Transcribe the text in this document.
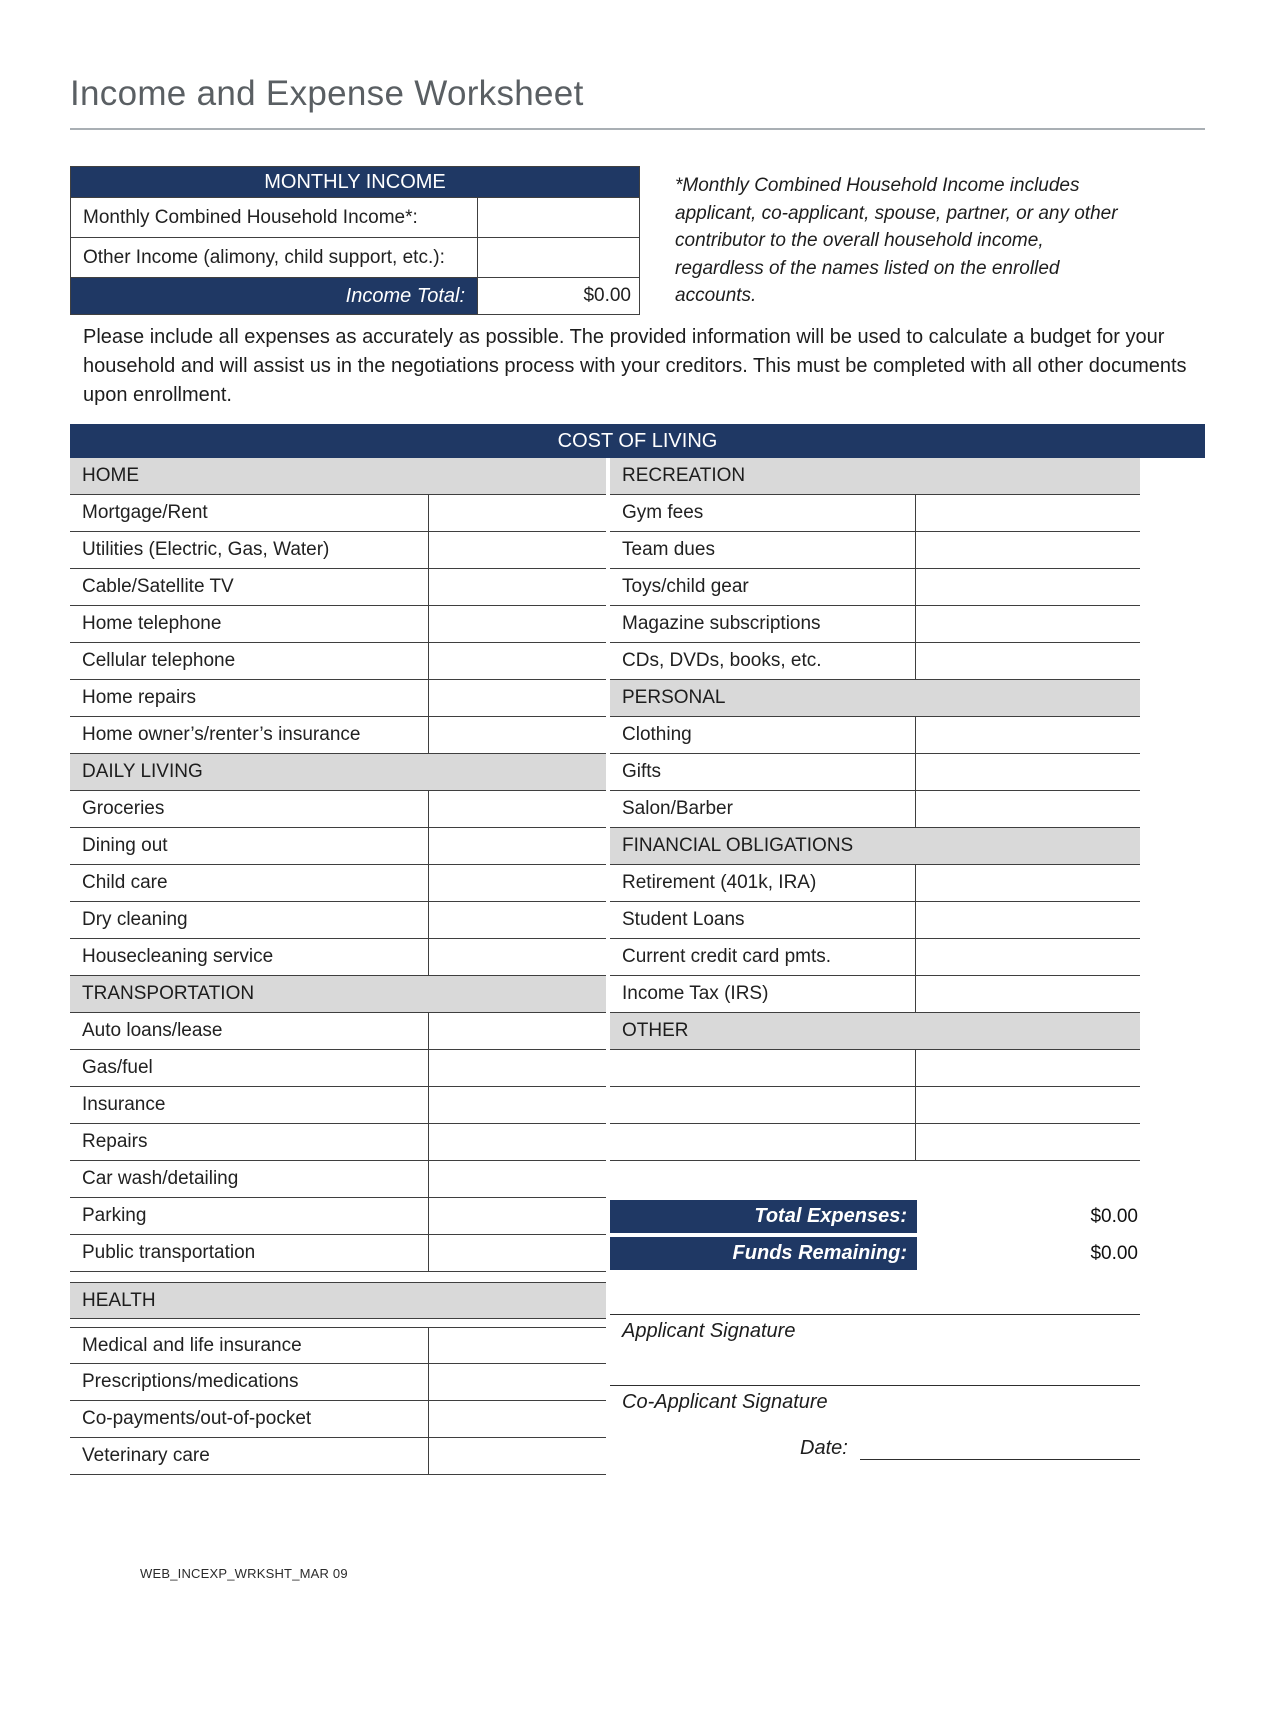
Income and Expense Worksheet
MONTHLY INCOME
Monthly Combined Household Income*:
Other Income (alimony, child support, etc.):
Income Total:	$0.00
*Monthly Combined Household Income includes applicant, co-applicant, spouse, partner, or any other contributor to the overall household income, regardless of the names listed on the enrolled accounts.

Please include all expenses as accurately as possible. The provided information will be used to calculate a budget for your household and will assist us in the negotiations process with your creditors. This must be completed with all other documents upon enrollment.

COST OF LIVING
HOME
Mortgage/Rent
Utilities (Electric, Gas, Water)
Cable/Satellite TV
Home telephone
Cellular telephone
Home repairs
Home owner’s/renter’s insurance
DAILY LIVING
Groceries
Dining out
Child care
Dry cleaning
Housecleaning service
TRANSPORTATION
Auto loans/lease
Gas/fuel
Insurance
Repairs
Car wash/detailing
Parking
Public transportation
HEALTH
Medical and life insurance
Prescriptions/medications
Co-payments/out-of-pocket
Veterinary care
RECREATION
Gym fees
Team dues
Toys/child gear
Magazine subscriptions
CDs, DVDs, books, etc.
PERSONAL
Clothing
Gifts
Salon/Barber
FINANCIAL OBLIGATIONS
Retirement (401k, IRA)
Student Loans
Current credit card pmts.
Income Tax (IRS)
OTHER
Total Expenses:	$0.00
Funds Remaining:	$0.00
Applicant Signature
Co-Applicant Signature
Date:
WEB_INCEXP_WRKSHT_MAR 09
